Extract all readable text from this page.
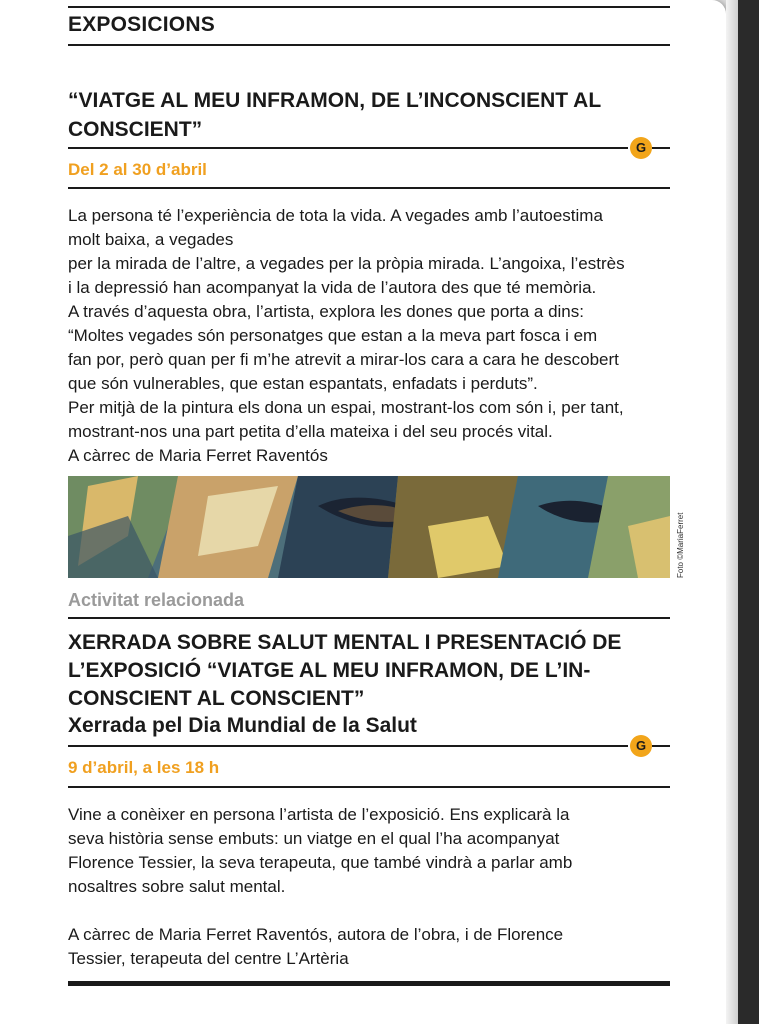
EXPOSICIONS
“VIATGE AL MEU INFRAMON, DE L’INCONSCIENT AL
CONSCIENT”
G
Del 2 al 30 d’abril
La persona té l’experiència de tota la vida. A vegades amb l’autoestima
molt baixa, a vegades
per la mirada de l’altre, a vegades per la pròpia mirada. L’angoixa, l’estrès
i la depressió han acompanyat la vida de l’autora des que té memòria.
A través d’aquesta obra, l’artista, explora les dones que porta a dins:
“Moltes vegades són personatges que estan a la meva part fosca i em
fan por, però quan per fi m’he atrevit a mirar-los cara a cara he descobert
que són vulnerables, que estan espantats, enfadats i perduts”.
Per mitjà de la pintura els dona un espai, mostrant-los com són i, per tant,
mostrant-nos una part petita d’ella mateixa i del seu procés vital.
A càrrec de Maria Ferret Raventós
Foto ©MariaFerret
Activitat relacionada
XERRADA SOBRE SALUT MENTAL I PRESENTACIÓ DE
L’EXPOSICIÓ “VIATGE AL MEU INFRAMON, DE L’IN-
CONSCIENT AL CONSCIENT”
Xerrada pel Dia Mundial de la Salut
G
9 d’abril, a les 18 h
Vine a conèixer en persona l’artista de l’exposició. Ens explicarà la
seva història sense embuts: un viatge en el qual l’ha acompanyat
Florence Tessier, la seva terapeuta, que també vindrà a parlar amb
nosaltres sobre salut mental.
A càrrec de Maria Ferret Raventós, autora de l’obra, i de Florence
Tessier, terapeuta del centre L’Artèria
